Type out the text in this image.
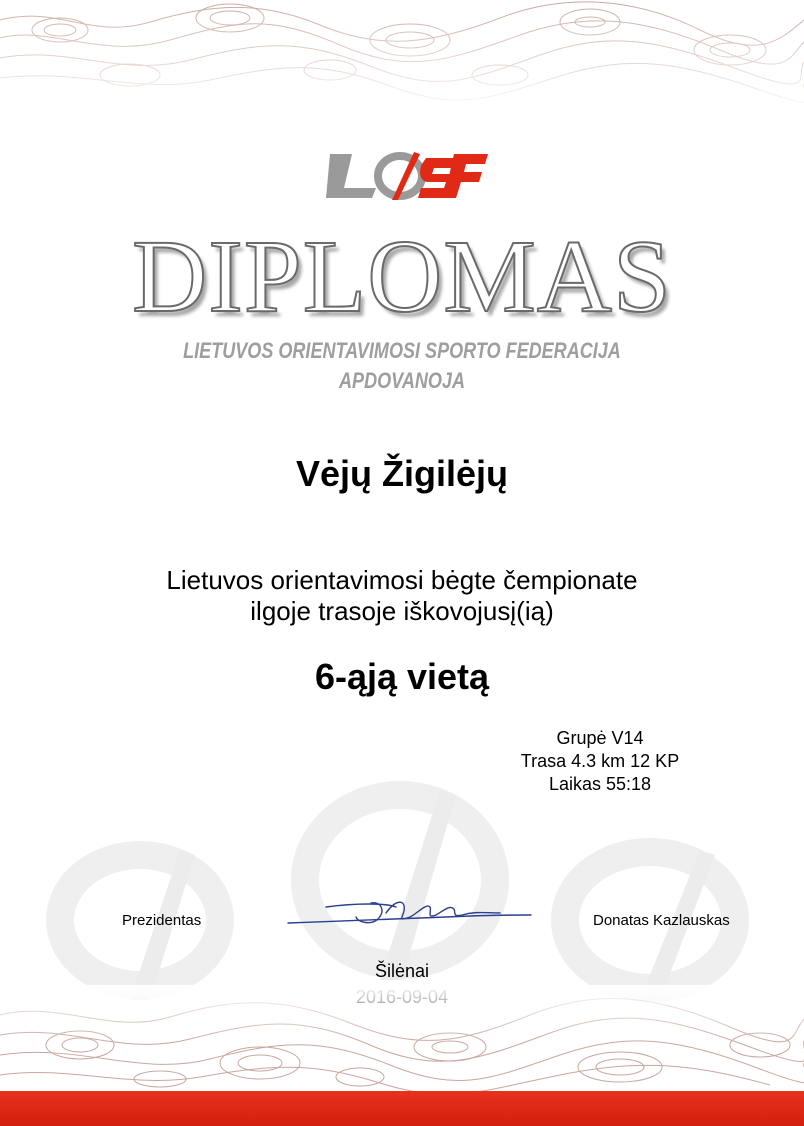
DIPLOMAS
LIETUVOS ORIENTAVIMOSI SPORTO FEDERACIJA
APDOVANOJA
Vėjų Žigilėjų
Lietuvos orientavimosi bėgte čempionate
ilgoje trasoje iškovojusį(ią)
6-ąją vietą
Grupė V14
Trasa 4.3 km 12 KP
Laikas 55:18
Prezidentas	Donatas Kazlauskas
Šilėnai
